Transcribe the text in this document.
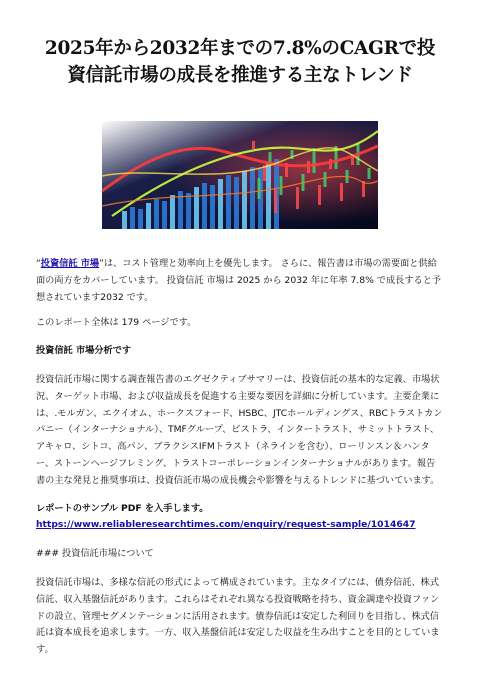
2025年から2032年までの7.8%のCAGRで投資信託市場の成長を推進する主なトレンド

“投資信託 市場”は、コスト管理と効率向上を優先します。 さらに、報告書は市場の需要面と供給面の両方をカバーしています。 投資信託 市場は 2025 から 2032 年に年率 7.8% で成長すると予想されています2032 です。

このレポート全体は 179 ページです。

投資信託 市場分析です

投資信託市場に関する調査報告書のエグゼクティブサマリーは、投資信託の基本的な定義、市場状況、ターゲット市場、および収益成長を促進する主要な要因を詳細に分析しています。主要企業には、.モルガン、エクイオム、ホークスフォード、HSBC、JTCホールディングス、RBCトラストカンパニー（インターナショナル）、TMFグループ、ビストラ、インタートラスト、サミットトラスト、アキャロ、シトコ、高パン、ブラクシスIFMトラスト（ネラインを含む）、ローリンスン＆ハンター、ストーンヘージフレミング、トラストコーポレーションインターナショナルがあります。報告書の主な発見と推奨事項は、投資信託市場の成長機会や影響を与えるトレンドに基づいています。

レポートのサンプル PDF を入手します。  https://www.reliableresearchtimes.com/enquiry/request-sample/1014647

### 投資信託市場について

投資信託市場は、多様な信託の形式によって構成されています。主なタイプには、債券信託、株式信託、収入基盤信託があります。これらはそれぞれ異なる投資戦略を持ち、資金調達や投資ファンドの設立、管理セグメンテーションに活用されます。債券信託は安定した利回りを目指し、株式信託は資本成長を追求します。一方、収入基盤信託は安定した収益を生み出すことを目的としています。
